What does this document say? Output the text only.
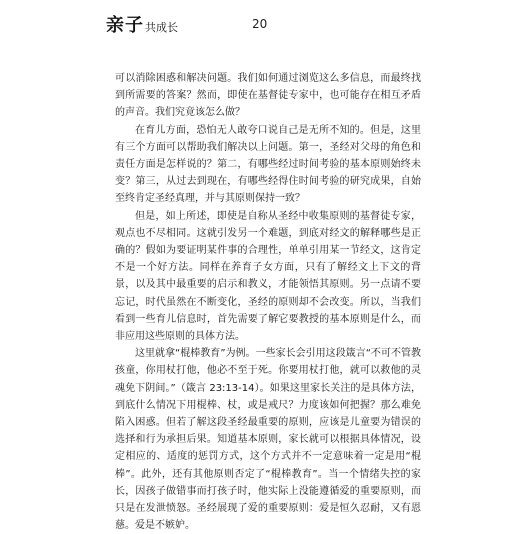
亲子共成长	20

可以消除困惑和解决问题。我们如何通过浏览这么多信息，而最终找到所需要的答案？然而，即使在基督徒专家中，也可能存在相互矛盾的声音。我们究竟该怎么做？

在育儿方面，恐怕无人敢夸口说自己是无所不知的。但是，这里有三个方面可以帮助我们解决以上问题。第一，圣经对父母的角色和责任方面是怎样说的？第二，有哪些经过时间考验的基本原则始终未变？第三，从过去到现在，有哪些经得住时间考验的研究成果，自始至终肯定圣经真理，并与其原则保持一致？

但是，如上所述，即使是自称从圣经中收集原则的基督徒专家，观点也不尽相同。这就引发另一个难题，到底对经文的解释哪些是正确的？假如为要证明某件事的合理性，单单引用某一节经文，这肯定不是一个好方法。同样在养育子女方面，只有了解经文上下文的背景，以及其中最重要的启示和教义，才能领悟其原则。另一点请不要忘记，时代虽然在不断变化，圣经的原则却不会改变。所以，当我们看到一些育儿信息时，首先需要了解它要教授的基本原则是什么，而非应用这些原则的具体方法。

这里就拿“棍棒教育”为例。一些家长会引用这段箴言“不可不管教孩童，你用杖打他，他必不至于死。你要用杖打他，就可以救他的灵魂免下阴间。”（箴言 23:13-14）。如果这里家长关注的是具体方法，到底什么情况下用棍棒、杖，或是戒尺？力度该如何把握？那么难免陷入困惑。但若了解这段圣经最重要的原则，应该是儿童要为错误的选择和行为承担后果。知道基本原则，家长就可以根据具体情况，设定相应的、适度的惩罚方式，这个方式并不一定意味着一定是用“棍棒”。此外，还有其他原则否定了“棍棒教育”。当一个情绪失控的家长，因孩子做错事而打孩子时，他实际上没能遵循爱的重要原则，而只是在发泄愤怒。圣经展现了爱的重要原则：爱是恒久忍耐，又有恩慈。爱是不嫉妒。
